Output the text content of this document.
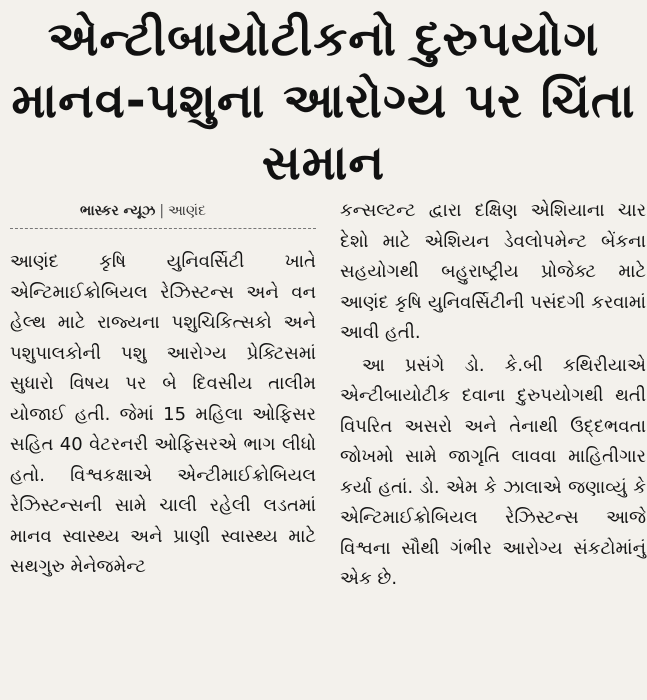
એન્ટીબાયોટીકનો દુરુપયોગ માનવ-પશુના આરોગ્ય પર ચિંતા સમાન
ભાસ્કર ન્યૂઝ | આણંદ

આણંદ કૃષિ યુનિવર્સિટી ખાતે એન્ટિમાઈક્રોબિયલ રેઝિસ્ટન્સ અને વન હેલ્થ માટે રાજ્યના પશુચિકિત્સકો અને પશુપાલકોની પશુ આરોગ્ય પ્રેક્ટિસમાં સુધારો વિષય પર બે દિવસીય તાલીમ યોજાઈ હતી. જેમાં 15 મહિલા ઓફિસર સહિત 40 વેટરનરી ઓફિસરએ ભાગ લીધો હતો. વિશ્વકક્ષાએ એન્ટીમાઈક્રોબિયલ રેઝિસ્ટન્સની સામે ચાલી રહેલી લડતમાં માનવ સ્વાસ્થ્ય અને પ્રાણી સ્વાસ્થ્ય માટે સથગુરુ મેનેજમેન્ટ

કન્સલ્ટન્ટ દ્વારા દક્ષિણ એશિયાના ચાર દેશો માટે એશિયન ડેવલોપમેન્ટ બેંકના સહયોગથી બહુરાષ્ટ્રીય પ્રોજેક્ટ માટે આણંદ કૃષિ યુનિવર્સિટીની પસંદગી કરવામાં આવી હતી.

આ પ્રસંગે ડો. કે.બી કથિરીયાએ એન્ટીબાયોટીક દવાના દુરુપયોગથી થતી વિપરિત અસરો અને તેનાથી ઉદ્દભવતા જોખમો સામે જાગૃતિ લાવવા માહિતીગાર કર્યા હતાં. ડો. એમ કે ઝાલાએ જણાવ્યું કે એન્ટિમાઈક્રોબિયલ રેઝિસ્ટન્સ આજે વિશ્વના સૌથી ગંભીર આરોગ્ય સંકટોમાંનું એક છે.
